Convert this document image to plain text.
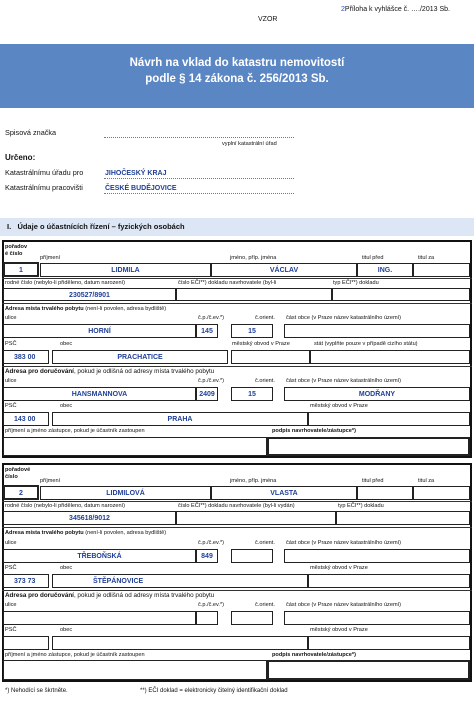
VZOR
2Příloha k vyhlášce č. …./2013 Sb.
Návrh na vklad do katastru nemovitostí
podle § 14 zákona č. 256/2013 Sb.
Spisová značka
vyplní katastrální úřad
Určeno:
Katastrálnímu úřadu pro	JIHOČESKÝ KRAJ
Katastrálnímu pracovišti	ČESKÉ BUDĚJOVICE
I. Údaje o účastnících řízení – fyzických osobách
pořadov
é číslo
příjmení	jméno, příp. jména	titul před	titul za
1	LIDMILA	VÁCLAV	ING.
rodné číslo (nebylo-li přiděleno, datum narození)	číslo EČI**) dokladu navrhovatele (byl-li	typ EČI**) dokladu
230527/8901
Adresa místa trvalého pobytu (není-li povolen, adresa bydliště)
ulice	č.p./č.ev.*)	č.orient. část obce (v Praze název katastrálního území)
HORNÍ	145	15
PSČ	obec	městský obvod v Praze	stát (vyplňte pouze v případě cizího státu)
383 00	PRACHATICE
Adresa pro doručování, pokud je odlišná od adresy místa trvalého pobytu
ulice	č.p./č.ev.*)	č.orient. část obce (v Praze název katastrálního území)
HANSMANNOVA	2409	15	MODŘANY
PSČ	obec	městský obvod v Praze
143 00	PRAHA
příjmení a jméno zástupce, pokud je účastník zastoupen	podpis navrhovatele/zástupce*)
pořadové
číslo
příjmení	jméno, příp. jména	titul před	titul za
2	LIDMILOVÁ	VLASTA
rodné číslo (nebylo-li přiděleno, datum narození)	číslo EČI**) dokladu navrhovatele (byl-li vydán)	typ EČI**) dokladu
345618/9012
Adresa místa trvalého pobytu (není-li povolen, adresa bydliště)
ulice	č.p./č.ev.*)	č.orient. část obce (v Praze název katastrálního území)
TŘEBOŇSKÁ	849
PSČ	obec	městský obvod v Praze
373 73	ŠTĚPÁNOVICE
Adresa pro doručování, pokud je odlišná od adresy místa trvalého pobytu
ulice	č.p./č.ev.*)	č.orient. část obce (v Praze název katastrálního území)
PSČ	obec	městský obvod v Praze
příjmení a jméno zástupce, pokud je účastník zastoupen	podpis navrhovatele/zástupce*)
*) Nehodící se škrtněte.	**) EČI doklad = elektronicky čitelný identifikační doklad
